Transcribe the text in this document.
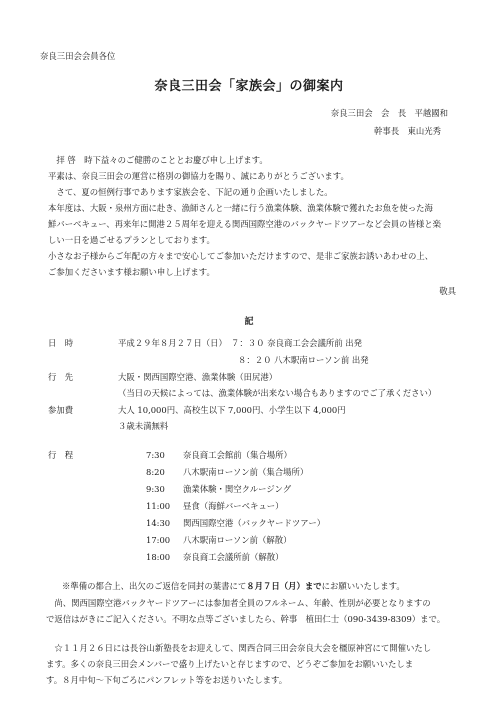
奈良三田会会員各位
奈良三田会「家族会」の御案内
奈良三田会　会　長　平越國和
幹事長　東山光秀
　拝 啓　時下益々のご健勝のこととお慶び申し上げます。
平素は、奈良三田会の運営に格別の御協力を賜り、誠にありがとうございます。
　さて、夏の恒例行事であります家族会を、下記の通り企画いたしました。
本年度は、大阪・泉州方面に赴き、漁師さんと一緒に行う漁業体験、漁業体験で獲れたお魚を使った海
鮮バーベキュー、再来年に開港２５周年を迎える関西国際空港のバックヤードツアーなど会員の皆様と楽
しい一日を過ごせるプランとしております。
小さなお子様からご年配の方々まで安心してご参加いただけますので、是非ご家族お誘いあわせの上、
ご参加くださいます様お願い申し上げます。
敬具
記
日　時	平成２９年８月２７日（日）　７：３０ 奈良商工会会議所前 出発
８：２０ 八木駅南ローソン前 出発
行　先	大阪・関西国際空港、漁業体験（田尻港）
（当日の天候によっては、漁業体験が出来ない場合もありますのでご了承ください）
参加費	大人 10,000円、高校生以下 7,000円、小学生以下 4,000円
３歳未満無料
行　程	7:30 奈良商工会館前（集合場所）
8:20 八木駅南ローソン前（集合場所）
9:30 漁業体験・関空クルージング
11:00 昼食（海鮮バーベキュー）
14:30 関西国際空港（バックヤードツアー）
17:00 八木駅南ローソン前（解散）
18:00 奈良商工会議所前（解散）
※準備の都合上、出欠のご返信を同封の葉書にて８月７日（月）までにお願いいたします。
　尚、関西国際空港バックヤードツアーには参加者全員のフルネーム、年齢、性別が必要となりますの
で返信はがきにご記入ください。不明な点等ございましたら、幹事　植田仁士（090-3439-8309）まで。
　☆１１月２６日には長谷山新塾長をお迎えして、関西合同三田会奈良大会を橿原神宮にて開催いたし
ます。多くの奈良三田会メンバーで盛り上げたいと存じますので、どうぞご参加をお願いいたしま
す。８月中旬〜下旬ごろにパンフレット等をお送りいたします。
